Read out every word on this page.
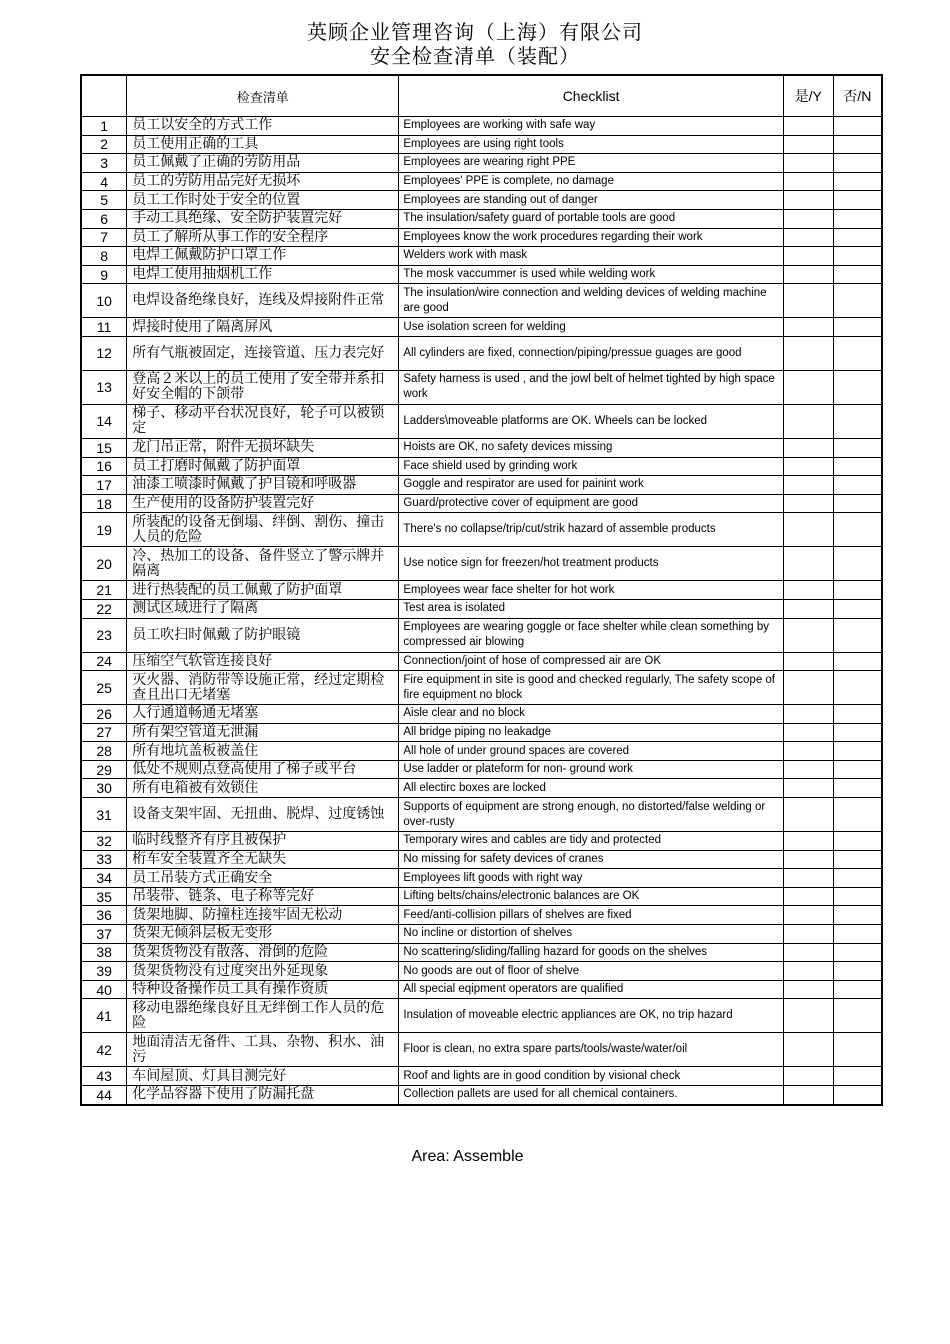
英顾企业管理咨询（上海）有限公司
安全检查清单（装配）
	检查清单	Checklist	是/Y	否/N
1	员工以安全的方式工作	Employees are working with safe way		
2	员工使用正确的工具	Employees are using right tools		
3	员工佩戴了正确的劳防用品	Employees are wearing right PPE		
4	员工的劳防用品完好无损坏	Employees' PPE is complete, no damage		
5	员工工作时处于安全的位置	Employees are standing out of danger		
6	手动工具绝缘、安全防护装置完好	The insulation/safety guard of portable tools are good		
7	员工了解所从事工作的安全程序	Employees know the work procedures regarding their work		
8	电焊工佩戴防护口罩工作	Welders work with mask		
9	电焊工使用抽烟机工作	The mosk vaccummer is used while welding work		
10	电焊设备绝缘良好，连线及焊接附件正常	The insulation/wire connection and welding devices of welding machine are good		
11	焊接时使用了隔离屏风	Use isolation screen for welding		
12	所有气瓶被固定，连接管道、压力表完好	All cylinders are fixed, connection/piping/pressue guages are good		
13	登高２米以上的员工使用了安全带并系扣好安全帽的下颌带	Safety harness is used , and the jowl belt of helmet tighted by high space work		
14	梯子、移动平台状况良好，轮子可以被锁定	Ladders\moveable platforms are OK. Wheels can be locked		
15	龙门吊正常，附件无损坏缺失	Hoists are OK, no safety devices missing		
16	员工打磨时佩戴了防护面罩	Face shield used by grinding work		
17	油漆工喷漆时佩戴了护目镜和呼吸器	Goggle and respirator are used for painint work		
18	生产使用的设备防护装置完好	Guard/protective cover of equipment are good		
19	所装配的设备无倒塌、绊倒、割伤、撞击人员的危险	There's no collapse/trip/cut/strik hazard of assemble products		
20	冷、热加工的设备、备件竖立了警示牌并隔离	Use notice sign for freezen/hot treatment products		
21	进行热装配的员工佩戴了防护面罩	Employees wear face shelter for hot work		
22	测试区域进行了隔离	Test area is isolated		
23	员工吹扫时佩戴了防护眼镜	Employees are wearing goggle or face shelter while clean something by compressed air blowing		
24	压缩空气软管连接良好	Connection/joint of hose of compressed air are OK		
25	灭火器、消防带等设施正常，经过定期检查且出口无堵塞	Fire equipment in site is good and checked regularly, The safety scope of fire equipment no block		
26	人行通道畅通无堵塞	Aisle clear and no block		
27	所有架空管道无泄漏	All bridge piping no leakadge		
28	所有地坑盖板被盖住	All hole of under ground spaces are covered		
29	低处不规则点登高使用了梯子或平台	Use ladder or plateform for non- ground work		
30	所有电箱被有效锁住	All electirc boxes are locked		
31	设备支架牢固、无扭曲、脱焊、过度锈蚀	Supports of equipment are strong enough, no distorted/false welding or over-rusty		
32	临时线整齐有序且被保护	Temporary wires and cables are tidy and protected		
33	桁车安全装置齐全无缺失	No missing for safety devices of cranes		
34	员工吊装方式正确安全	Employees lift goods with right way		
35	吊装带、链条、电子称等完好	Lifting belts/chains/electronic balances are OK		
36	货架地脚、防撞柱连接牢固无松动	Feed/anti-collision pillars of shelves are fixed		
37	货架无倾斜层板无变形	No incline or distortion of shelves		
38	货架货物没有散落、滑倒的危险	No scattering/sliding/falling hazard for goods on the shelves		
39	货架货物没有过度突出外延现象	No goods are out of floor of shelve		
40	特种设备操作员工具有操作资质	All special eqipment operators are qualified		
41	移动电器绝缘良好且无绊倒工作人员的危险	Insulation of moveable electric appliances are OK, no trip hazard		
42	地面清洁无备件、工具、杂物、积水、油污	Floor is clean, no extra spare parts/tools/waste/water/oil		
43	车间屋顶、灯具目测完好	Roof and lights are in good condition by visional check		
44	化学品容器下使用了防漏托盘	Collection pallets are used for all chemical containers.		
Area: Assemble
